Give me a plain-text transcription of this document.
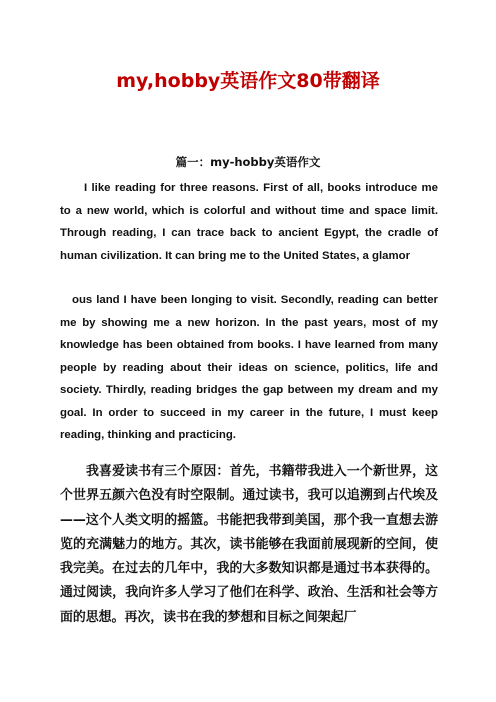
my,hobby英语作文80带翻译
篇一：my-hobby英语作文

I like reading for three reasons. First of all, books introduce me to a new world, which is colorful and without time and space limit. Through reading, I can trace back to ancient Egypt, the cradle of human civilization. It can bring me to the United States, a glamor

ous land I have been longing to visit. Secondly, reading can better me by showing me a new horizon. In the past years, most of my knowledge has been obtained from books. I have learned from many people by reading about their ideas on science, politics, life and society. Thirdly, reading bridges the gap between my dream and my goal. In order to succeed in my career in the future, I must keep reading, thinking and practicing.

我喜爱读书有三个原因：首先，书籍带我进入一个新世界，这个世界五颜六色没有时空限制。通过读书，我可以追溯到占代埃及——这个人类文明的摇篮。书能把我带到美国，那个我一直想去游览的充满魅力的地方。其次，读书能够在我面前展现新的空间，使我完美。在过去的几年中，我的大多数知识都是通过书本获得的。通过阅读，我向许多人学习了他们在科学、政治、生活和社会等方面的思想。再次，读书在我的梦想和目标之间架起厂
